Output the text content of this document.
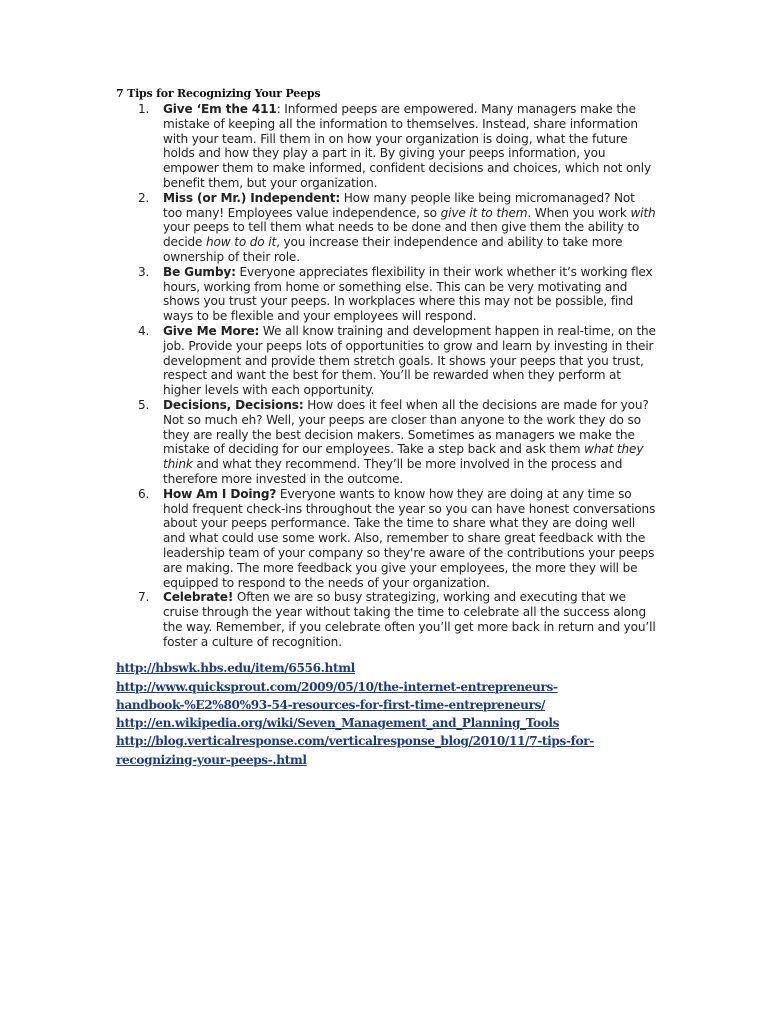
7 Tips for Recognizing Your Peeps
1. Give ‘Em the 411: Informed peeps are empowered. Many managers make the mistake of keeping all the information to themselves. Instead, share information with your team. Fill them in on how your organization is doing, what the future holds and how they play a part in it. By giving your peeps information, you empower them to make informed, confident decisions and choices, which not only benefit them, but your organization.
2. Miss (or Mr.) Independent: How many people like being micromanaged? Not too many! Employees value independence, so give it to them. When you work with your peeps to tell them what needs to be done and then give them the ability to decide how to do it, you increase their independence and ability to take more ownership of their role.
3. Be Gumby: Everyone appreciates flexibility in their work whether it’s working flex hours, working from home or something else. This can be very motivating and shows you trust your peeps. In workplaces where this may not be possible, find ways to be flexible and your employees will respond.
4. Give Me More: We all know training and development happen in real-time, on the job. Provide your peeps lots of opportunities to grow and learn by investing in their development and provide them stretch goals. It shows your peeps that you trust, respect and want the best for them. You’ll be rewarded when they perform at higher levels with each opportunity.
5. Decisions, Decisions: How does it feel when all the decisions are made for you? Not so much eh? Well, your peeps are closer than anyone to the work they do so they are really the best decision makers. Sometimes as managers we make the mistake of deciding for our employees. Take a step back and ask them what they think and what they recommend. They’ll be more involved in the process and therefore more invested in the outcome.
6. How Am I Doing? Everyone wants to know how they are doing at any time so hold frequent check-ins throughout the year so you can have honest conversations about your peeps performance. Take the time to share what they are doing well and what could use some work. Also, remember to share great feedback with the leadership team of your company so they're aware of the contributions your peeps are making. The more feedback you give your employees, the more they will be equipped to respond to the needs of your organization.
7. Celebrate! Often we are so busy strategizing, working and executing that we cruise through the year without taking the time to celebrate all the success along the way. Remember, if you celebrate often you’ll get more back in return and you’ll foster a culture of recognition.
http://hbswk.hbs.edu/item/6556.html
http://www.quicksprout.com/2009/05/10/the-internet-entrepreneurs-
handbook-%E2%80%93-54-resources-for-first-time-entrepreneurs/
http://en.wikipedia.org/wiki/Seven_Management_and_Planning_Tools
http://blog.verticalresponse.com/verticalresponse_blog/2010/11/7-tips-for-
recognizing-your-peeps-.html
